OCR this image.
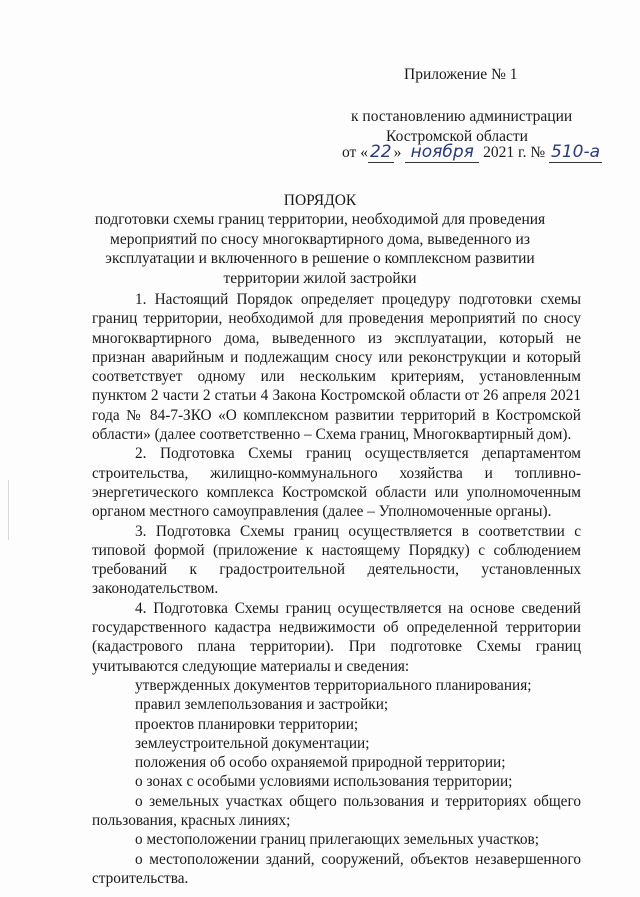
Приложение № 1
к постановлению администрации
Костромской области
от « 22 » ноября 2021 г. № 510-а
ПОРЯДОК
подготовки схемы границ территории, необходимой для проведения мероприятий по сносу многоквартирного дома, выведенного из эксплуатации и включенного в решение о комплексном развитии территории жилой застройки

1. Настоящий Порядок определяет процедуру подготовки схемы границ территории, необходимой для проведения мероприятий по сносу многоквартирного дома, выведенного из эксплуатации, который не признан аварийным и подлежащим сносу или реконструкции и который соответствует одному или нескольким критериям, установленным пунктом 2 части 2 статьи 4 Закона Костромской области от 26 апреля 2021 года № 84-7-ЗКО «О комплексном развитии территорий в Костромской области» (далее соответственно – Схема границ, Многоквартирный дом).

2. Подготовка Схемы границ осуществляется департаментом строительства, жилищно-коммунального хозяйства и топливно-энергетического комплекса Костромской области или уполномоченным органом местного самоуправления (далее – Уполномоченные органы).

3. Подготовка Схемы границ осуществляется в соответствии с типовой формой (приложение к настоящему Порядку) с соблюдением требований к градостроительной деятельности, установленных законодательством.

4. Подготовка Схемы границ осуществляется на основе сведений государственного кадастра недвижимости об определенной территории (кадастрового плана территории). При подготовке Схемы границ учитываются следующие материалы и сведения:

утвержденных документов территориального планирования;

правил землепользования и застройки;

проектов планировки территории;

землеустроительной документации;

положения об особо охраняемой природной территории;

о зонах с особыми условиями использования территории;

о земельных участках общего пользования и территориях общего пользования, красных линиях;

о местоположении границ прилегающих земельных участков;

о местоположении зданий, сооружений, объектов незавершенного строительства.
